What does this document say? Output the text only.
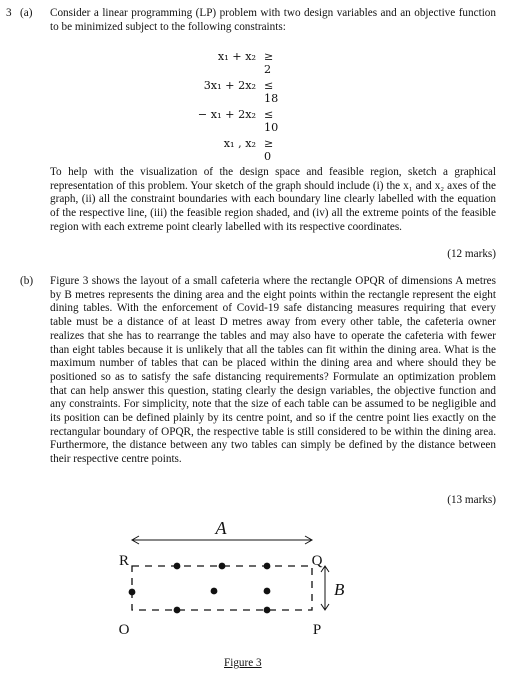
3 (a) Consider a linear programming (LP) problem with two design variables and an objective function to be minimized subject to the following constraints:
x₁ + x₂ ≥ 2
3x₁ + 2x₂ ≤ 18
− x₁ + 2x₂ ≤ 10
x₁ , x₂ ≥ 0
To help with the visualization of the design space and feasible region, sketch a graphical representation of this problem. Your sketch of the graph should include (i) the x₁ and x₂ axes of the graph, (ii) all the constraint boundaries with each boundary line clearly labelled with the equation of the respective line, (iii) the feasible region shaded, and (iv) all the extreme points of the feasible region with each extreme point clearly labelled with its respective coordinates.
(12 marks)
(b) Figure 3 shows the layout of a small cafeteria where the rectangle OPQR of dimensions A metres by B metres represents the dining area and the eight points within the rectangle represent the eight dining tables. With the enforcement of Covid-19 safe distancing measures requiring that every table must be a distance of at least D metres away from every other table, the cafeteria owner realizes that she has to rearrange the tables and may also have to operate the cafeteria with fewer than eight tables because it is unlikely that all the tables can fit within the dining area. What is the maximum number of tables that can be placed within the dining area and where should they be positioned so as to satisfy the safe distancing requirements? Formulate an optimization problem that can help answer this question, stating clearly the design variables, the objective function and any constraints. For simplicity, note that the size of each table can be assumed to be negligible and its position can be defined plainly by its centre point, and so if the centre point lies exactly on the rectangular boundary of OPQR, the respective table is still considered to be within the dining area. Furthermore, the distance between any two tables can simply be defined by the distance between their respective centre points.
(13 marks)
A
B
R	Q
O	P
Figure 3
